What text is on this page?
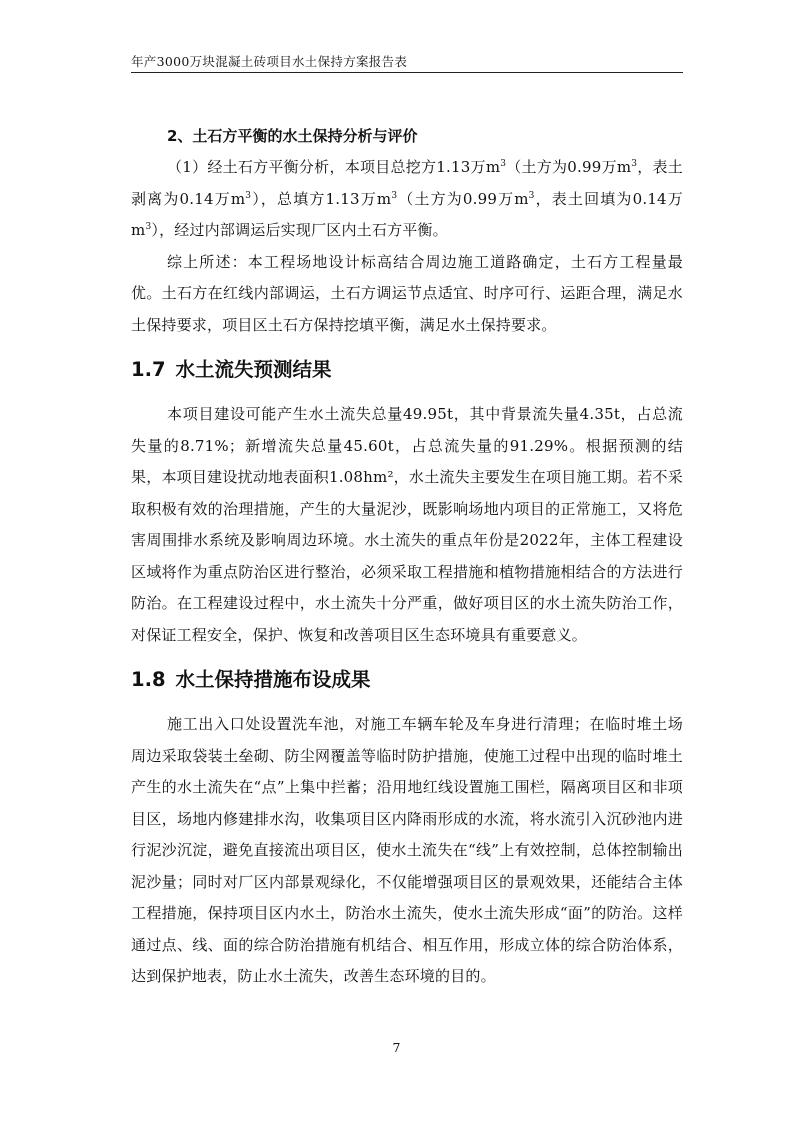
年产3000万块混凝土砖项目水土保持方案报告表

2、土石方平衡的水土保持分析与评价

（1）经土石方平衡分析，本项目总挖方1.13万$m^3$（土方为0.99万$m^3$，表土剥离为0.14万$m^3$），总填方1.13万$m^3$（土方为0.99万$m^3$，表土回填为0.14万$m^3$），经过内部调运后实现厂区内土石方平衡。

综上所述：本工程场地设计标高结合周边施工道路确定，土石方工程量最优。土石方在红线内部调运，土石方调运节点适宜、时序可行、运距合理，满足水土保持要求，项目区土石方保持挖填平衡，满足水土保持要求。

1.7 水土流失预测结果

本项目建设可能产生水土流失总量49.95t，其中背景流失量4.35t，占总流失量的8.71%；新增流失总量45.60t，占总流失量的91.29%。根据预测的结果，本项目建设扰动地表面积1.08hm²，水土流失主要发生在项目施工期。若不采取积极有效的治理措施，产生的大量泥沙，既影响场地内项目的正常施工，又将危害周围排水系统及影响周边环境。水土流失的重点年份是2022年，主体工程建设区域将作为重点防治区进行整治，必须采取工程措施和植物措施相结合的方法进行防治。在工程建设过程中，水土流失十分严重，做好项目区的水土流失防治工作，对保证工程安全，保护、恢复和改善项目区生态环境具有重要意义。

1.8 水土保持措施布设成果

施工出入口处设置洗车池，对施工车辆车轮及车身进行清理；在临时堆土场周边采取袋装土垒砌、防尘网覆盖等临时防护措施，使施工过程中出现的临时堆土产生的水土流失在“点”上集中拦蓄；沿用地红线设置施工围栏，隔离项目区和非项目区，场地内修建排水沟，收集项目区内降雨形成的水流，将水流引入沉砂池内进行泥沙沉淀，避免直接流出项目区，使水土流失在“线”上有效控制，总体控制输出泥沙量；同时对厂区内部景观绿化，不仅能增强项目区的景观效果，还能结合主体工程措施，保持项目区内水土，防治水土流失，使水土流失形成“面”的防治。这样通过点、线、面的综合防治措施有机结合、相互作用，形成立体的综合防治体系，达到保护地表，防止水土流失，改善生态环境的目的。

7
